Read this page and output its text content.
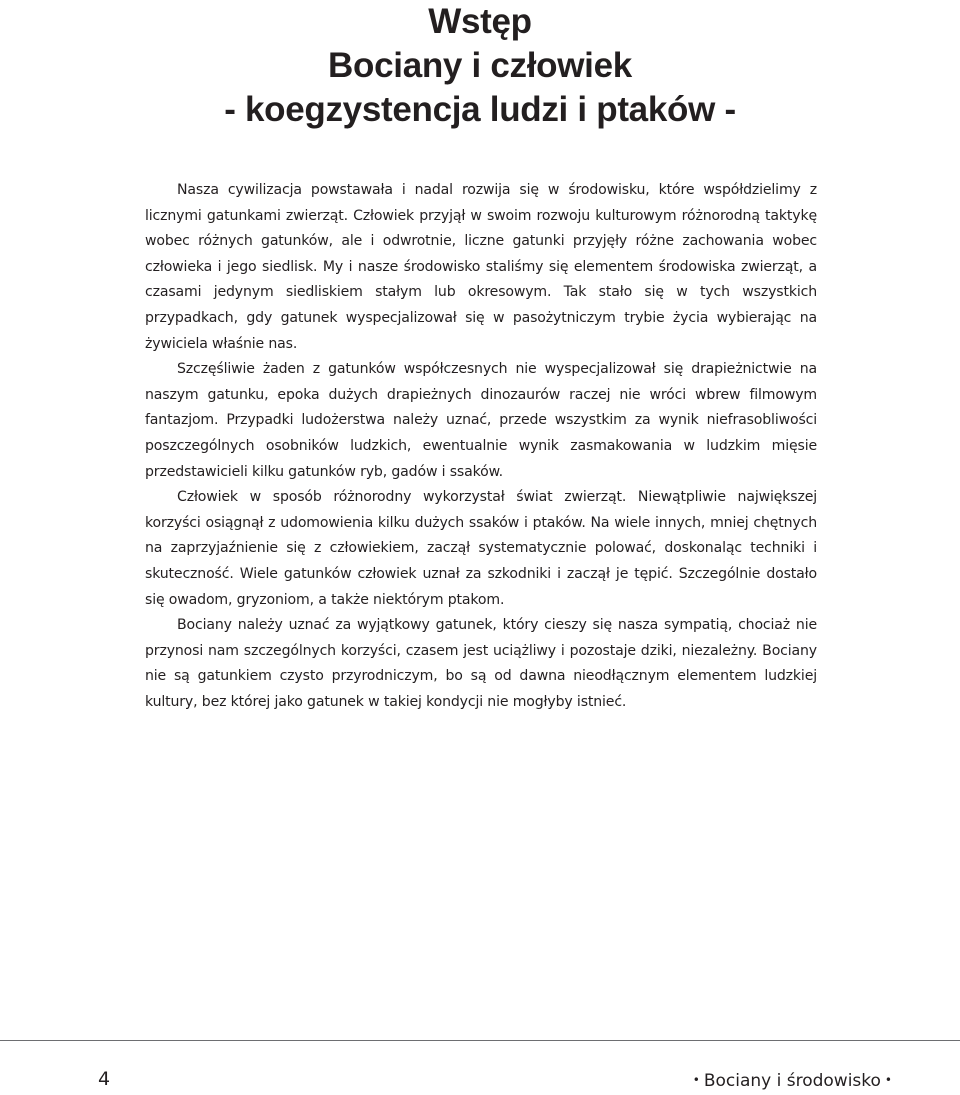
Wstęp
Bociany i człowiek
- koegzystencja ludzi i ptaków -

Nasza cywilizacja powstawała i nadal rozwija się w środowisku, które współdzielimy z licznymi gatunkami zwierząt. Człowiek przyjął w swoim rozwoju kulturowym różnorodną taktykę wobec różnych gatunków, ale i odwrotnie, liczne gatunki przyjęły różne zachowania wobec człowieka i jego siedlisk. My i nasze środowisko staliśmy się elementem środowiska zwierząt, a czasami jedynym siedliskiem stałym lub okresowym. Tak stało się w tych wszystkich przypadkach, gdy gatunek wyspecjalizował się w pasożytniczym trybie życia wybierając na żywiciela właśnie nas.

Szczęśliwie żaden z gatunków współczesnych nie wyspecjalizował się drapieżnictwie na naszym gatunku, epoka dużych drapieżnych dinozaurów raczej nie wróci wbrew filmowym fantazjom. Przypadki ludożerstwa należy uznać, przede wszystkim za wynik niefrasobliwości poszczególnych osobników ludzkich, ewentualnie wynik zasmakowania w ludzkim mięsie przedstawicieli kilku gatunków ryb, gadów i ssaków.

Człowiek w sposób różnorodny wykorzystał świat zwierząt. Niewątpliwie największej korzyści osiągnął z udomowienia kilku dużych ssaków i ptaków. Na wiele innych, mniej chętnych na zaprzyjaźnienie się z człowiekiem, zaczął systematycznie polować, doskonaląc techniki i skuteczność. Wiele gatunków człowiek uznał za szkodniki i zaczął je tępić. Szczególnie dostało się owadom, gryzoniom, a także niektórym ptakom.

Bociany należy uznać za wyjątkowy gatunek, który cieszy się nasza sympatią, chociaż nie przynosi nam szczególnych korzyści, czasem jest uciążliwy i pozostaje dziki, niezależny. Bociany nie są gatunkiem czysto przyrodniczym, bo są od dawna nieodłącznym elementem ludzkiej kultury, bez której jako gatunek w takiej kondycji nie mogłyby istnieć.

4	• Bociany i środowisko •
